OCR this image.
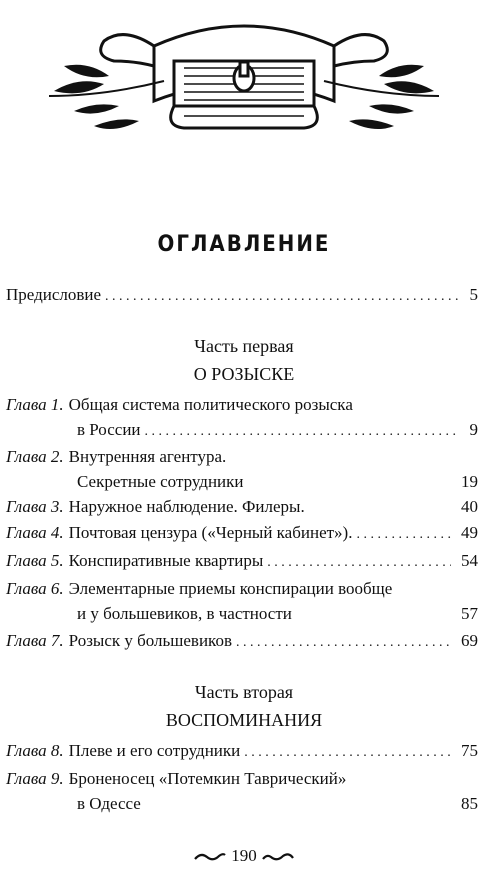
ОГЛАВЛЕНИЕ
Предисловие . . .	5
Часть первая
О РОЗЫСКЕ
Глава 1. Общая система политического розыска
в России . . .	9
Глава 2. Внутренняя агентура.
Секретные сотрудники	19
Глава 3. Наружное наблюдение. Филеры.	40
Глава 4. Почтовая цензура («Черный кабинет»). . . .	49
Глава 5. Конспиративные квартиры . . .	54
Глава 6. Элементарные приемы конспирации вообще
и у большевиков, в частности	57
Глава 7. Розыск у большевиков . . .	69
Часть вторая
ВОСПОМИНАНИЯ
Глава 8. Плеве и его сотрудники . . .	75
Глава 9. Броненосец «Потемкин Таврический»
в Одессе	85
190
